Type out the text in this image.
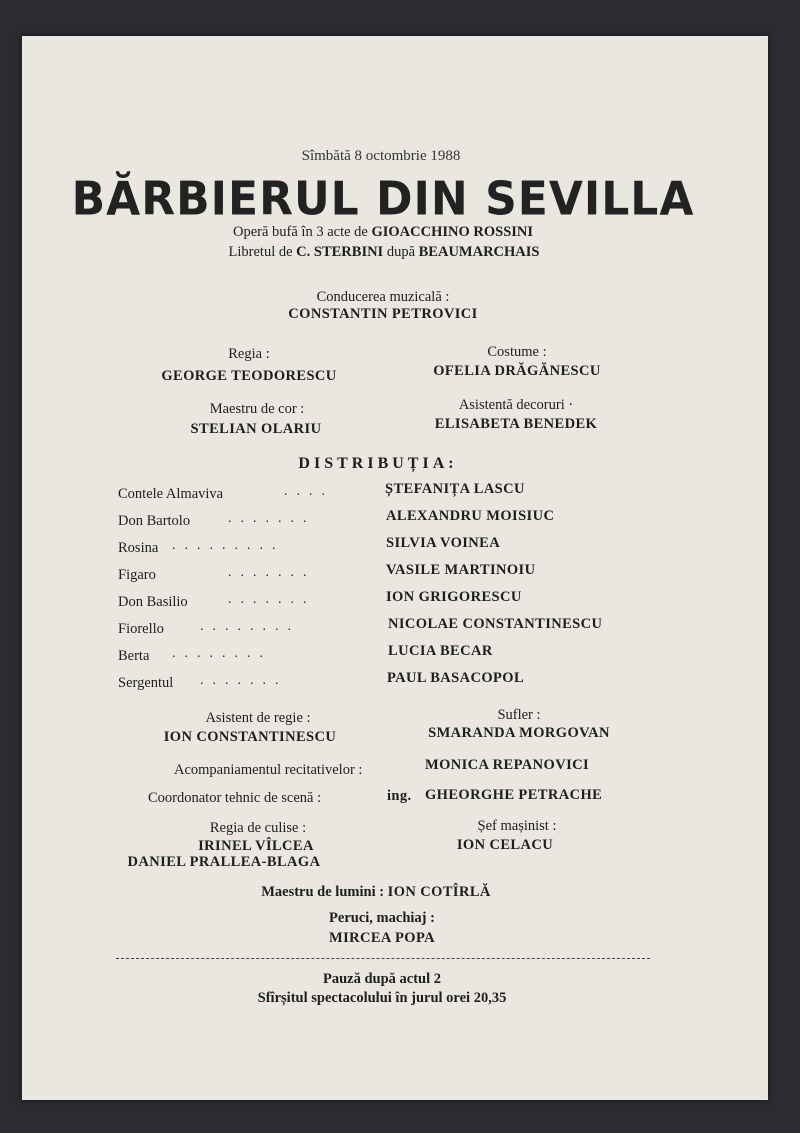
Sîmbătă 8 octombrie 1988
BĂRBIERUL DIN SEVILLA
Operă bufă în 3 acte de GIOACCHINO ROSSINI
Libretul de C. STERBINI după BEAUMARCHAIS
Conducerea muzicală :
CONSTANTIN PETROVICI
Regia :
GEORGE TEODORESCU
Costume :
OFELIA DRĂGĂNESCU
Maestru de cor :
STELIAN OLARIU
Asistentă decoruri ·
ELISABETA BENEDEK
DISTRIBUȚIA:
Contele Almaviva	....	ȘTEFANIȚA LASCU
Don Bartolo	.......	ALEXANDRU MOISIUC
Rosina .........	SILVIA VOINEA
Figaro	.......	VASILE MARTINOIU
Don Basilio	.......	ION GRIGORESCU
Fiorello	........	NICOLAE CONSTANTINESCU
Berta ........	LUCIA BECAR
Sergentul .......	PAUL BASACOPOL
Asistent de regie :
ION CONSTANTINESCU
Sufler :
SMARANDA MORGOVAN
Acompaniamentul recitativelor :	MONICA REPANOVICI
Coordonator tehnic de scenă :	ing. GHEORGHE PETRACHE
Regia de culise :
IRINEL VÎLCEA
DANIEL PRALLEA-BLAGA
Șef mașinist :
ION CELACU
Maestru de lumini : ION COTÎRLĂ
Peruci, machiaj :
MIRCEA POPA
Pauză după actul 2
Sfîrșitul spectacolului în jurul orei 20,35
